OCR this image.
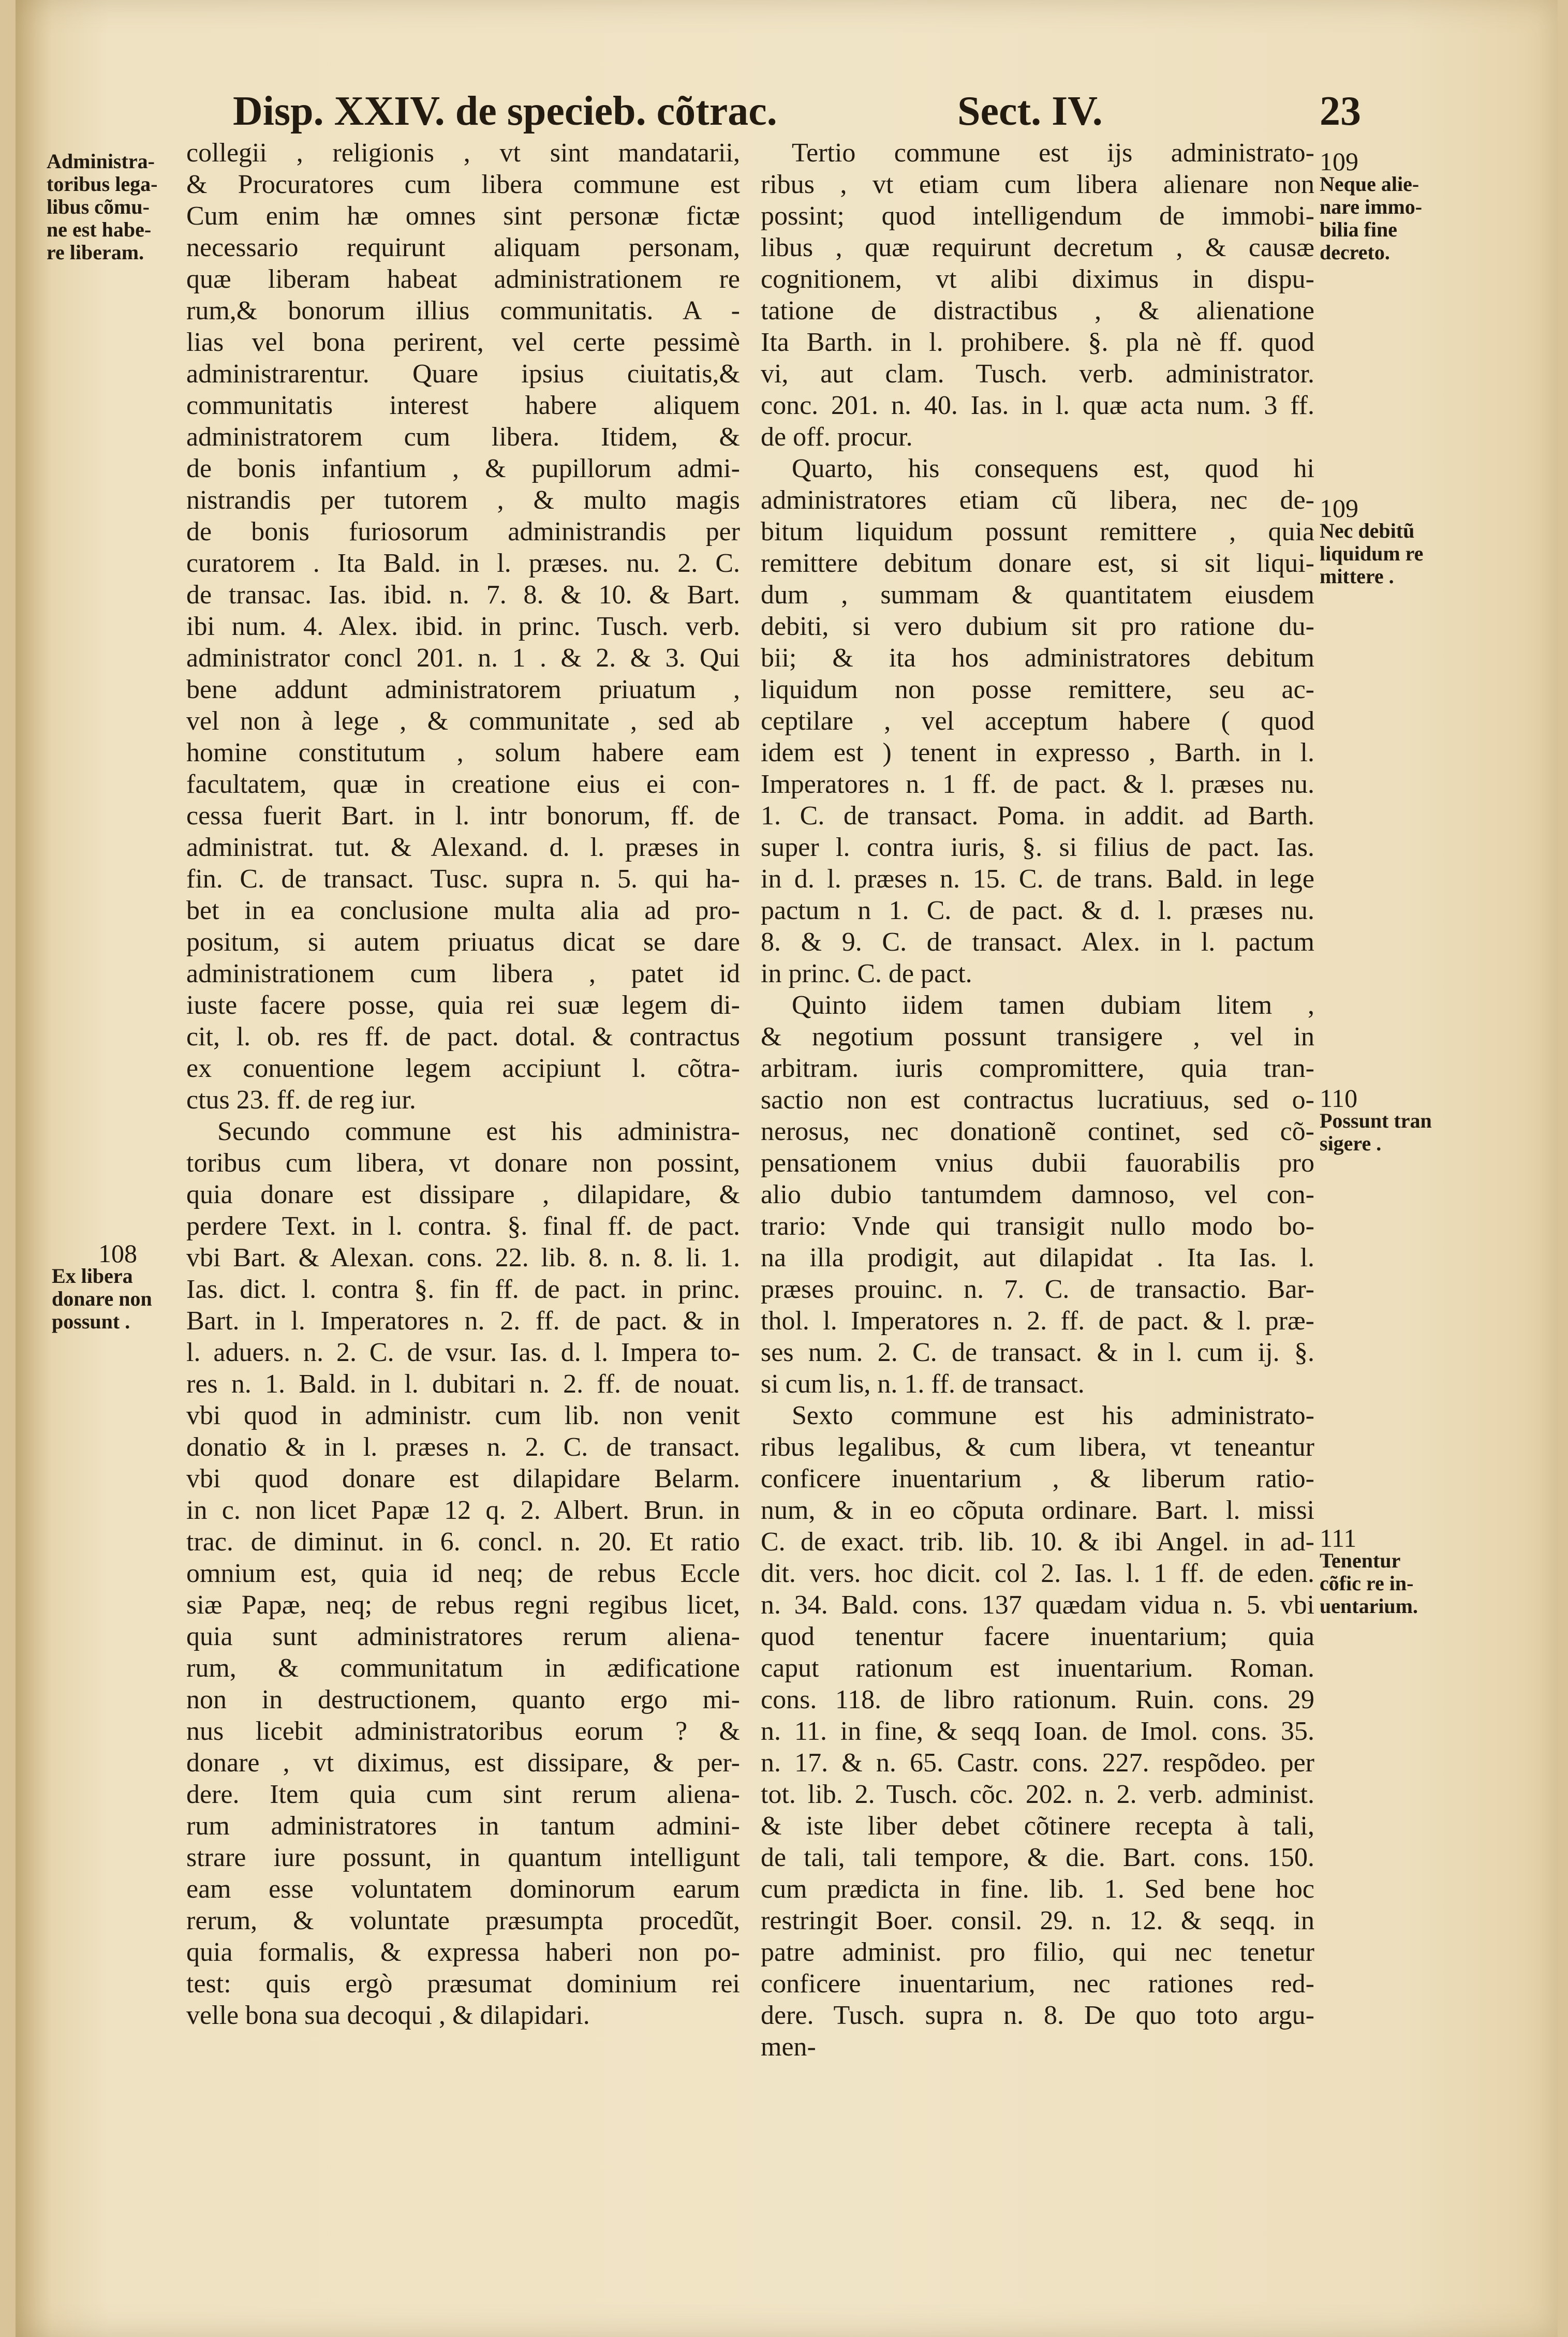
Disp. XXIV. de specieb. cõtrac.	Sect. IV.	23
collegii , religionis , vt sint mandatarii,
& Procuratores cum libera commune est
Cum enim hæ omnes sint personæ fictæ
necessario requirunt aliquam personam,
quæ liberam habeat administrationem re
rum,& bonorum illius communitatis. A -
lias vel bona perirent, vel certe pessimè
administrarentur. Quare ipsius ciuitatis,&
communitatis interest habere aliquem
administratorem cum libera. Itidem, &
de bonis infantium , & pupillorum admi-
nistrandis per tutorem , & multo magis
de bonis furiosorum administrandis per
curatorem . Ita Bald. in l. præses. nu. 2. C.
de transac. Ias. ibid. n. 7. 8. & 10. & Bart.
ibi num. 4. Alex. ibid. in princ. Tusch. verb.
administrator concl 201. n. 1 . & 2. & 3. Qui
bene addunt administratorem priuatum ,
vel non à lege , & communitate , sed ab
homine constitutum , solum habere eam
facultatem, quæ in creatione eius ei con-
cessa fuerit Bart. in l. intr bonorum, ff. de
administrat. tut. & Alexand. d. l. præses in
fin. C. de transact. Tusc. supra n. 5. qui ha-
bet in ea conclusione multa alia ad pro-
positum, si autem priuatus dicat se dare
administrationem cum libera , patet id
iuste facere posse, quia rei suæ legem di-
cit, l. ob. res ff. de pact. dotal. & contractus
ex conuentione legem accipiunt l. cõtra-
ctus 23. ff. de reg iur.
Secundo commune est his administra-
toribus cum libera, vt donare non possint,
quia donare est dissipare , dilapidare, &
perdere Text. in l. contra. §. final ff. de pact.
vbi Bart. & Alexan. cons. 22. lib. 8. n. 8. li. 1.
Ias. dict. l. contra §. fin ff. de pact. in princ.
Bart. in l. Imperatores n. 2. ff. de pact. & in
l. aduers. n. 2. C. de vsur. Ias. d. l. Impera to-
res n. 1. Bald. in l. dubitari n. 2. ff. de nouat.
vbi quod in administr. cum lib. non venit
donatio & in l. præses n. 2. C. de transact.
vbi quod donare est dilapidare Belarm.
in c. non licet Papæ 12 q. 2. Albert. Brun. in
trac. de diminut. in 6. concl. n. 20. Et ratio
omnium est, quia id neq; de rebus Eccle
siæ Papæ, neq; de rebus regni regibus licet,
quia sunt administratores rerum aliena-
rum, & communitatum in ædificatione
non in destructionem, quanto ergo mi-
nus licebit administratoribus eorum ? &
donare , vt diximus, est dissipare, & per-
dere. Item quia cum sint rerum aliena-
rum administratores in tantum admini-
strare iure possunt, in quantum intelligunt
eam esse voluntatem dominorum earum
rerum, & voluntate præsumpta procedũt,
quia formalis, & expressa haberi non po-
test: quis ergò præsumat dominium rei
velle bona sua decoqui , & dilapidari.
Tertio commune est ijs administrato-
ribus , vt etiam cum libera alienare non
possint; quod intelligendum de immobi-
libus , quæ requirunt decretum , & causæ
cognitionem, vt alibi diximus in dispu-
tatione de distractibus , & alienatione
Ita Barth. in l. prohibere. §. pla nè ff. quod
vi, aut clam. Tusch. verb. administrator.
conc. 201. n. 40. Ias. in l. quæ acta num. 3 ff.
de off. procur.
Quarto, his consequens est, quod hi
administratores etiam cũ libera, nec de-
bitum liquidum possunt remittere , quia
remittere debitum donare est, si sit liqui-
dum , summam & quantitatem eiusdem
debiti, si vero dubium sit pro ratione du-
bii; & ita hos administratores debitum
liquidum non posse remittere, seu ac-
ceptilare , vel acceptum habere ( quod
idem est ) tenent in expresso , Barth. in l.
Imperatores n. 1 ff. de pact. & l. præses nu.
1. C. de transact. Poma. in addit. ad Barth.
super l. contra iuris, §. si filius de pact. Ias.
in d. l. præses n. 15. C. de trans. Bald. in lege
pactum n 1. C. de pact. & d. l. præses nu.
8. & 9. C. de transact. Alex. in l. pactum
in princ. C. de pact.
Quinto iidem tamen dubiam litem ,
& negotium possunt transigere , vel in
arbitram. iuris compromittere, quia tran-
sactio non est contractus lucratiuus, sed o-
nerosus, nec donationẽ continet, sed cõ-
pensationem vnius dubii fauorabilis pro
alio dubio tantumdem damnoso, vel con-
trario: Vnde qui transigit nullo modo bo-
na illa prodigit, aut dilapidat . Ita Ias. l.
præses prouinc. n. 7. C. de transactio. Bar-
thol. l. Imperatores n. 2. ff. de pact. & l. præ-
ses num. 2. C. de transact. & in l. cum ij. §.
si cum lis, n. 1. ff. de transact.
Sexto commune est his administrato-
ribus legalibus, & cum libera, vt teneantur
conficere inuentarium , & liberum ratio-
num, & in eo cõputa ordinare. Bart. l. missi
C. de exact. trib. lib. 10. & ibi Angel. in ad-
dit. vers. hoc dicit. col 2. Ias. l. 1 ff. de eden.
n. 34. Bald. cons. 137 quædam vidua n. 5. vbi
quod tenentur facere inuentarium; quia
caput rationum est inuentarium. Roman.
cons. 118. de libro rationum. Ruin. cons. 29
n. 11. in fine, & seqq Ioan. de Imol. cons. 35.
n. 17. & n. 65. Castr. cons. 227. respõdeo. per
tot. lib. 2. Tusch. cõc. 202. n. 2. verb. administ.
& iste liber debet cõtinere recepta à tali,
de tali, tali tempore, & die. Bart. cons. 150.
cum prædicta in fine. lib. 1. Sed bene hoc
restringit Boer. consil. 29. n. 12. & seqq. in
patre administ. pro filio, qui nec tenetur
conficere inuentarium, nec rationes red-
dere. Tusch. supra n. 8. De quo toto argu-
men-
Administra-
toribus lega-
libus cõmu-
ne est habe-
re liberam.
109
Neque alie-
nare immo-
bilia fine
decreto.
109
Nec debitũ
liquidum re
mittere .
110
Possunt tran
sigere .
108
Ex libera
donare non
possunt .
111
Tenentur
cõfic re in-
uentarium.
